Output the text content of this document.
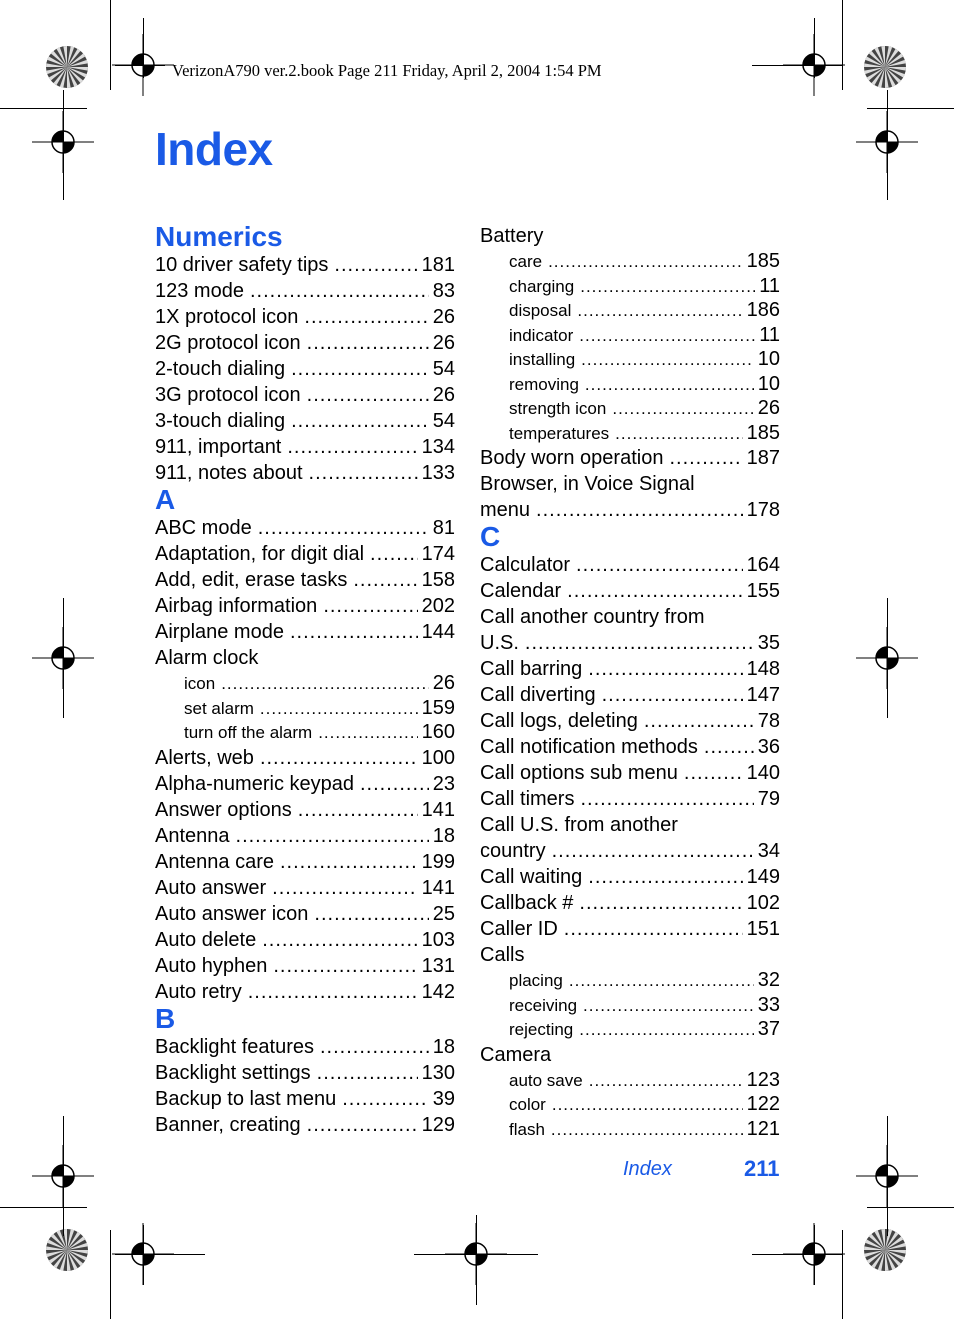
VerizonA790 ver.2.book Page 211 Friday, April 2, 2004 1:54 PM
Index
Numerics
10 driver safety tips .....	181
123 mode .....	83
1X protocol icon .....	26
2G protocol icon .....	26
2-touch dialing .....	54
3G protocol icon .....	26
3-touch dialing .....	54
911, important .....	134
911, notes about .....	133
A
ABC mode .....	81
Adaptation, for digit dial .....	174
Add, edit, erase tasks .....	158
Airbag information .....	202
Airplane mode .....	144
Alarm clock
icon .....	26
set alarm .....	159
turn off the alarm .....	160
Alerts, web .....	100
Alpha-numeric keypad .....	23
Answer options .....	141
Antenna .....	18
Antenna care .....	199
Auto answer .....	141
Auto answer icon .....	25
Auto delete .....	103
Auto hyphen .....	131
Auto retry .....	142
B
Backlight features .....	18
Backlight settings .....	130
Backup to last menu .....	39
Banner, creating .....	129
Battery
care .....	185
charging .....	11
disposal .....	186
indicator .....	11
installing .....	10
removing .....	10
strength icon .....	26
temperatures .....	185
Body worn operation .....	187
Browser, in Voice Signal
menu .....	178
C
Calculator .....	164
Calendar .....	155
Call another country from
U.S. .....	35
Call barring .....	148
Call diverting .....	147
Call logs, deleting .....	78
Call notification methods .....	36
Call options sub menu .....	140
Call timers .....	79
Call U.S. from another
country .....	34
Call waiting .....	149
Callback # .....	102
Caller ID .....	151
Calls
placing .....	32
receiving .....	33
rejecting .....	37
Camera
auto save .....	123
color .....	122
flash .....	121
Index	211
